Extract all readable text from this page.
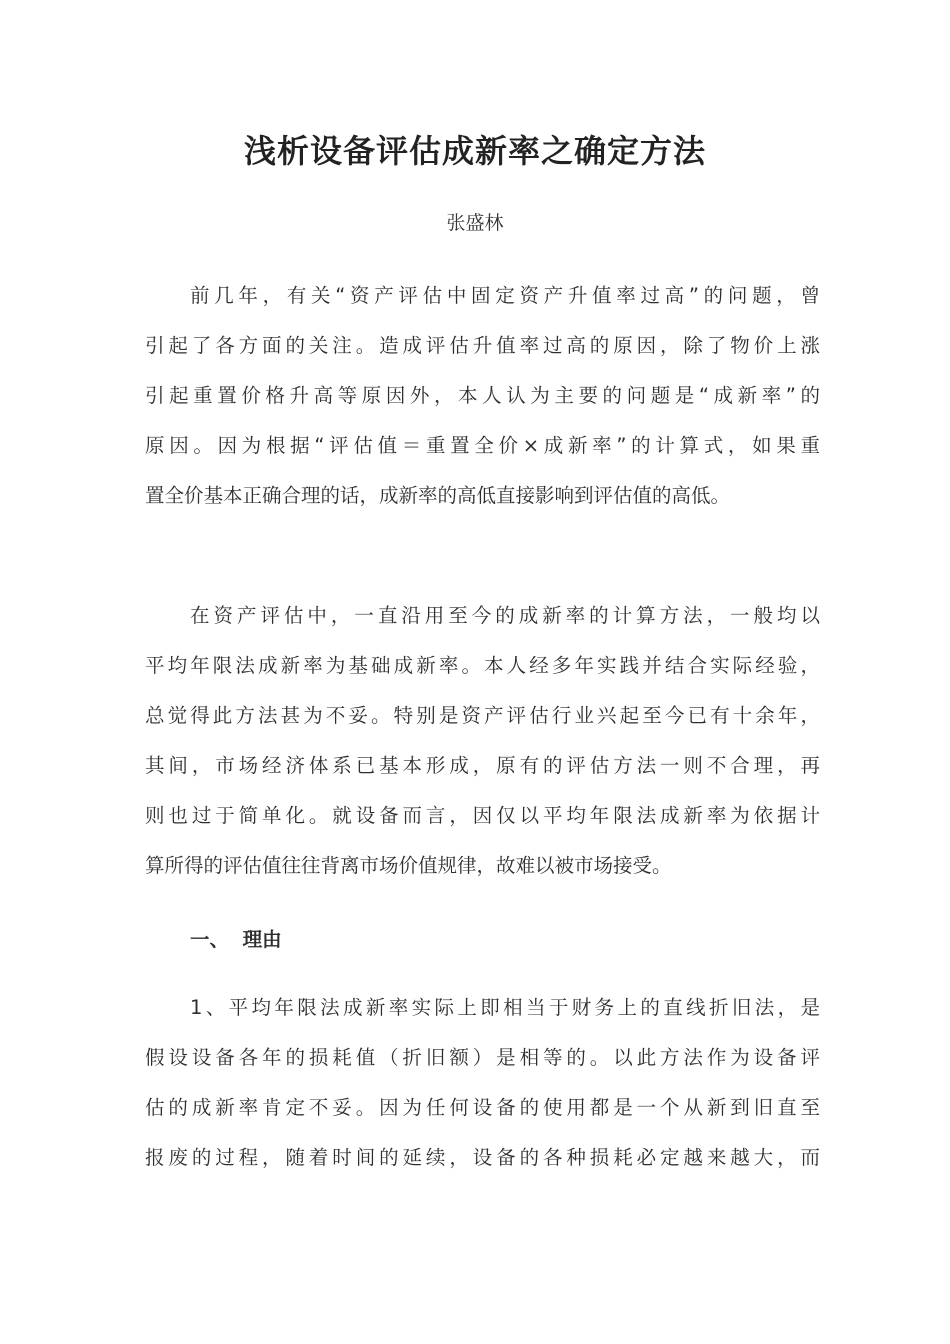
浅析设备评估成新率之确定方法
张盛林
前几年，有关“资产评估中固定资产升值率过高”的问题，曾
引起了各方面的关注。造成评估升值率过高的原因，除了物价上涨
引起重置价格升高等原因外，本人认为主要的问题是“成新率”的
原因。因为根据“评估值＝重置全价×成新率”的计算式，如果重
置全价基本正确合理的话，成新率的高低直接影响到评估值的高低。
在资产评估中，一直沿用至今的成新率的计算方法，一般均以
平均年限法成新率为基础成新率。本人经多年实践并结合实际经验，
总觉得此方法甚为不妥。特别是资产评估行业兴起至今已有十余年，
其间，市场经济体系已基本形成，原有的评估方法一则不合理，再
则也过于简单化。就设备而言，因仅以平均年限法成新率为依据计
算所得的评估值往往背离市场价值规律，故难以被市场接受。
一、  理由
1、平均年限法成新率实际上即相当于财务上的直线折旧法，是
假设设备各年的损耗值（折旧额）是相等的。以此方法作为设备评
估的成新率肯定不妥。因为任何设备的使用都是一个从新到旧直至
报废的过程，随着时间的延续，设备的各种损耗必定越来越大，而
